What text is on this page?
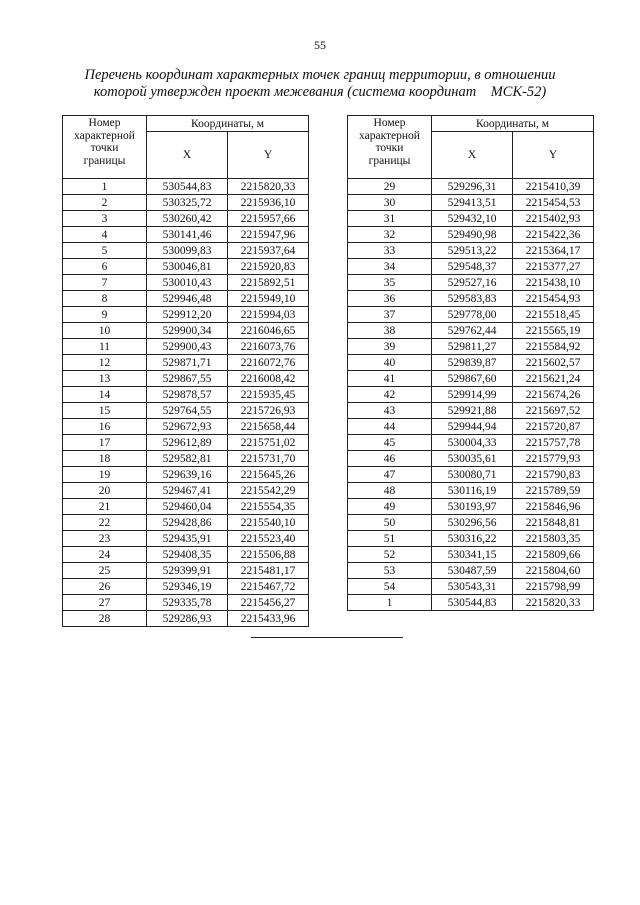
55
Перечень координат характерных точек границ территории, в отношении
которой утвержден проект межевания (система координат    МСК-52)
Номер
характерной
точки
границы	Координаты, м	
	X	Y
1	530544,83	2215820,33
2	530325,72	2215936,10
3	530260,42	2215957,66
4	530141,46	2215947,96
5	530099,83	2215937,64
6	530046,81	2215920,83
7	530010,43	2215892,51
8	529946,48	2215949,10
9	529912,20	2215994,03
10	529900,34	2216046,65
11	529900,43	2216073,76
12	529871,71	2216072,76
13	529867,55	2216008,42
14	529878,57	2215935,45
15	529764,55	2215726,93
16	529672,93	2215658,44
17	529612,89	2215751,02
18	529582,81	2215731,70
19	529639,16	2215645,26
20	529467,41	2215542,29
21	529460,04	2215554,35
22	529428,86	2215540,10
23	529435,91	2215523,40
24	529408,35	2215506,88
25	529399,91	2215481,17
26	529346,19	2215467,72
27	529335,78	2215456,27
28	529286,93	2215433,96
Номер
характерной
точки
границы	Координаты, м	
	X	Y
29	529296,31	2215410,39
30	529413,51	2215454,53
31	529432,10	2215402,93
32	529490,98	2215422,36
33	529513,22	2215364,17
34	529548,37	2215377,27
35	529527,16	2215438,10
36	529583,83	2215454,93
37	529778,00	2215518,45
38	529762,44	2215565,19
39	529811,27	2215584,92
40	529839,87	2215602,57
41	529867,60	2215621,24
42	529914,99	2215674,26
43	529921,88	2215697,52
44	529944,94	2215720,87
45	530004,33	2215757,78
46	530035,61	2215779,93
47	530080,71	2215790,83
48	530116,19	2215789,59
49	530193,97	2215846,96
50	530296,56	2215848,81
51	530316,22	2215803,35
52	530341,15	2215809,66
53	530487,59	2215804,60
54	530543,31	2215798,99
1	530544,83	2215820,33
